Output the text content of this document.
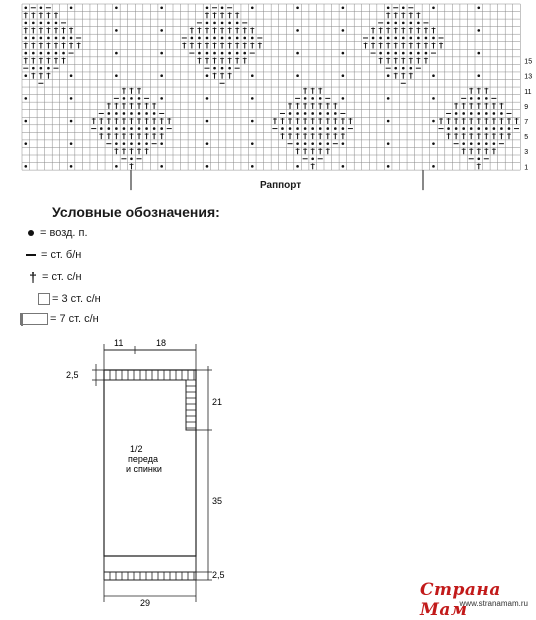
15
13
11
9
7
5
3
1
Раппорт
Условные обозначения:
= возд. п.
= ст. б/н
† = ст. с/н
= 3 ст. с/н
= 7 ст. с/н
11	18
2,5
21
35
2,5
29
1/2
переда
и спинки
Страна Мам
www.stranamam.ru
